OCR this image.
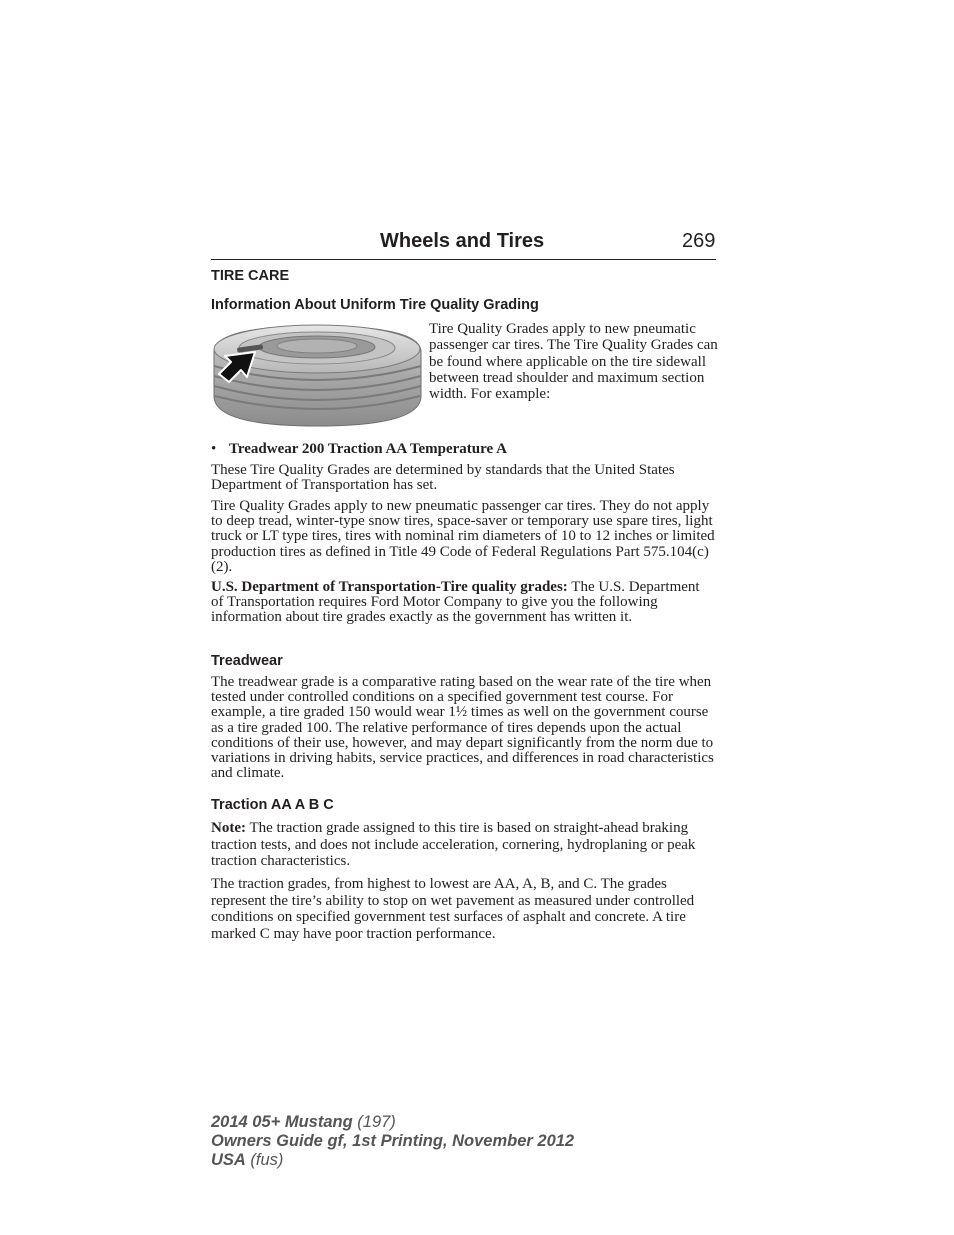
Wheels and Tires	269
TIRE CARE
Information About Uniform Tire Quality Grading

Tire Quality Grades apply to new pneumatic passenger car tires. The Tire Quality Grades can be found where applicable on the tire sidewall between tread shoulder and maximum section width. For example:

• Treadwear 200 Traction AA Temperature A

These Tire Quality Grades are determined by standards that the United States Department of Transportation has set.

Tire Quality Grades apply to new pneumatic passenger car tires. They do not apply to deep tread, winter-type snow tires, space-saver or temporary use spare tires, light truck or LT type tires, tires with nominal rim diameters of 10 to 12 inches or limited production tires as defined in Title 49 Code of Federal Regulations Part 575.104(c)(2).

U.S. Department of Transportation-Tire quality grades: The U.S. Department of Transportation requires Ford Motor Company to give you the following information about tire grades exactly as the government has written it.

Treadwear

The treadwear grade is a comparative rating based on the wear rate of the tire when tested under controlled conditions on a specified government test course. For example, a tire graded 150 would wear 1½ times as well on the government course as a tire graded 100. The relative performance of tires depends upon the actual conditions of their use, however, and may depart significantly from the norm due to variations in driving habits, service practices, and differences in road characteristics and climate.

Traction AA A B C

Note: The traction grade assigned to this tire is based on straight-ahead braking traction tests, and does not include acceleration, cornering, hydroplaning or peak traction characteristics.

The traction grades, from highest to lowest are AA, A, B, and C. The grades represent the tire’s ability to stop on wet pavement as measured under controlled conditions on specified government test surfaces of asphalt and concrete. A tire marked C may have poor traction performance.

2014 05+ Mustang (197)
Owners Guide gf, 1st Printing, November 2012
USA (fus)
